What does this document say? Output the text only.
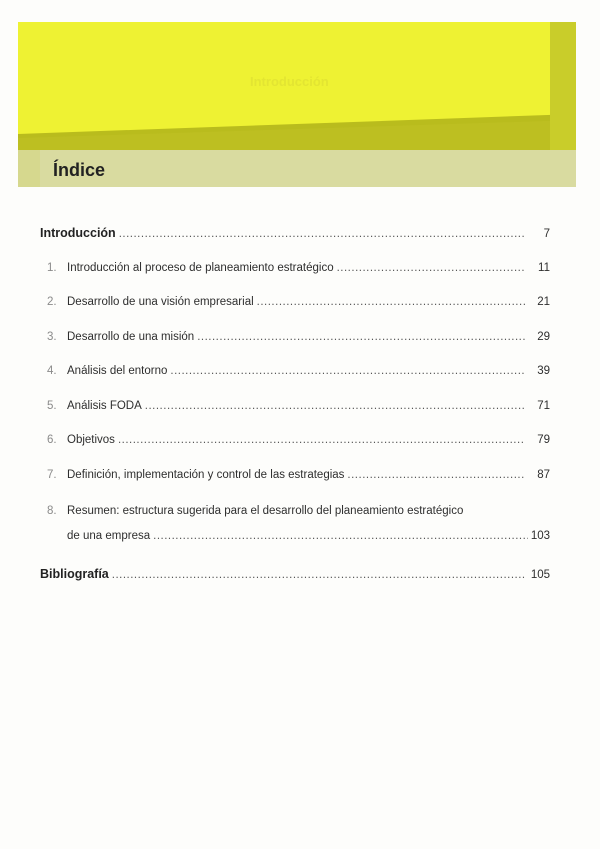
Introducción
Índice
Introducción .....	7
1. Introducción al proceso de planeamiento estratégico .....	11
2. Desarrollo de una visión empresarial .....	21
3. Desarrollo de una misión .....	29
4. Análisis del entorno .....	39
5. Análisis FODA .....	71
6. Objetivos .....	79
7. Definición, implementación y control de las estrategias .....	87
8. Resumen: estructura sugerida para el desarrollo del planeamiento estratégico
de una empresa .....	103
Bibliografía .....	105
